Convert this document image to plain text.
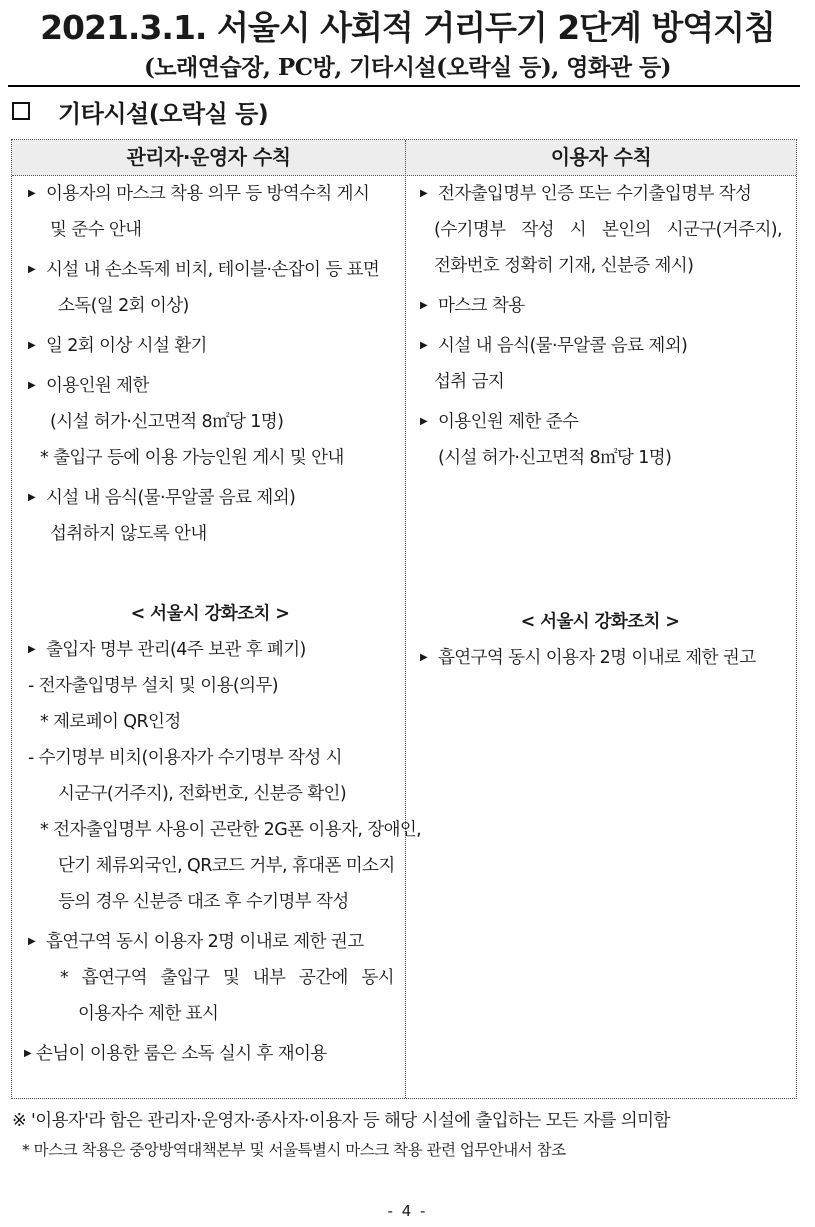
2021.3.1. 서울시 사회적 거리두기 2단계 방역지침
(노래연습장, PC방, 기타시설(오락실 등), 영화관 등)
기타시설(오락실 등)
관리자·운영자 수칙	이용자 수칙
▶ 이용자의 마스크 착용 의무 등 방역수칙 게시
및 준수 안내
▶ 시설 내 손소독제 비치, 테이블·손잡이 등 표면
소독(일 2회 이상)
▶ 일 2회 이상 시설 환기
▶ 이용인원 제한
(시설 허가·신고면적 8㎡당 1명)
* 출입구 등에 이용 가능인원 게시 및 안내
▶ 시설 내 음식(물·무알콜 음료 제외)
섭취하지 않도록 안내
< 서울시 강화조치 >
▶ 출입자 명부 관리(4주 보관 후 폐기)
- 전자출입명부 설치 및 이용(의무)
* 제로페이 QR인정
- 수기명부 비치(이용자가 수기명부 작성 시
시군구(거주지), 전화번호, 신분증 확인)
* 전자출입명부 사용이 곤란한 2G폰 이용자, 장애인,
단기 체류외국인, QR코드 거부, 휴대폰 미소지
등의 경우 신분증 대조 후 수기명부 작성
▶ 흡연구역 동시 이용자 2명 이내로 제한 권고
* 흡연구역 출입구 및 내부 공간에 동시
이용자수 제한 표시
▶ 손님이 이용한 룸은 소독 실시 후 재이용
▶ 전자출입명부 인증 또는 수기출입명부 작성
(수기명부 작성 시 본인의 시군구(거주지),
전화번호 정확히 기재, 신분증 제시)
▶ 마스크 착용
▶ 시설 내 음식(물·무알콜 음료 제외)
섭취 금지
▶ 이용인원 제한 준수
(시설 허가·신고면적 8㎡당 1명)
< 서울시 강화조치 >
▶ 흡연구역 동시 이용자 2명 이내로 제한 권고
※ '이용자'라 함은 관리자·운영자·종사자·이용자 등 해당 시설에 출입하는 모든 자를 의미함
* 마스크 착용은 중앙방역대책본부 및 서울특별시 마스크 착용 관련 업무안내서 참조
- 4 -
